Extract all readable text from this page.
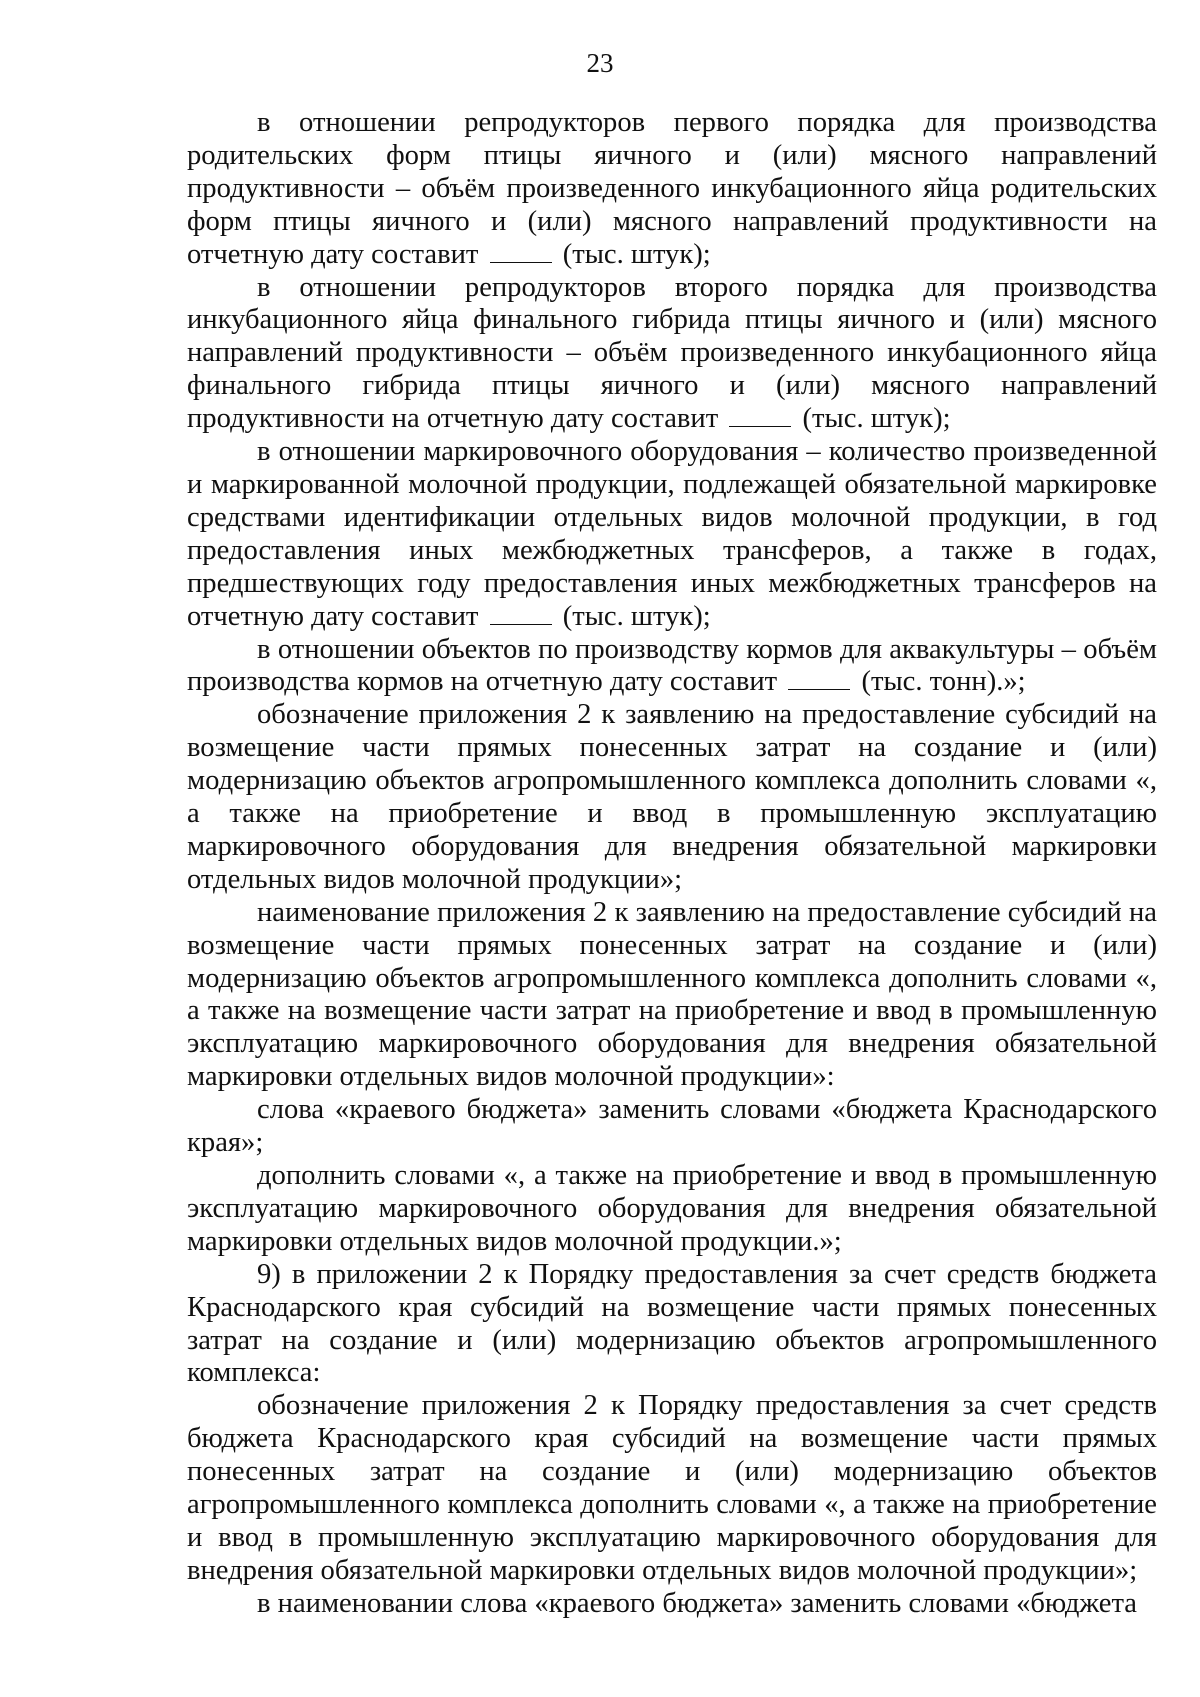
23

в отношении репродукторов первого порядка для производства родительских форм птицы яичного и (или) мясного направлений продуктивности – объём произведенного инкубационного яйца родительских форм птицы яичного и (или) мясного направлений продуктивности на отчетную дату составит	(тыс. штук);

в отношении репродукторов второго порядка для производства инкубационного яйца финального гибрида птицы яичного и (или) мясного направлений продуктивности – объём произведенного инкубационного яйца финального гибрида птицы яичного и (или) мясного направлений продуктивности на отчетную дату составит	(тыс. штук);

в отношении маркировочного оборудования – количество произведенной и маркированной молочной продукции, подлежащей обязательной маркировке средствами идентификации отдельных видов молочной продукции, в год предоставления иных межбюджетных трансферов, а также в годах, предшествующих году предоставления иных межбюджетных трансферов на отчетную дату составит	(тыс. штук);

в отношении объектов по производству кормов для аквакультуры – объём производства кормов на отчетную дату составит	(тыс. тонн).»;

обозначение приложения 2 к заявлению на предоставление субсидий на возмещение части прямых понесенных затрат на создание и (или) модернизацию объектов агропромышленного комплекса дополнить словами «, а также на приобретение и ввод в промышленную эксплуатацию маркировочного оборудования для внедрения обязательной маркировки отдельных видов молочной продукции»;

наименование приложения 2 к заявлению на предоставление субсидий на возмещение части прямых понесенных затрат на создание и (или) модернизацию объектов агропромышленного комплекса дополнить словами «, а также на возмещение части затрат на приобретение и ввод в промышленную эксплуатацию маркировочного оборудования для внедрения обязательной маркировки отдельных видов молочной продукции»:

слова «краевого бюджета» заменить словами «бюджета Краснодарского края»;

дополнить словами «, а также на приобретение и ввод в промышленную эксплуатацию маркировочного оборудования для внедрения обязательной маркировки отдельных видов молочной продукции.»;

9) в приложении 2 к Порядку предоставления за счет средств бюджета Краснодарского края субсидий на возмещение части прямых понесенных затрат на создание и (или) модернизацию объектов агропромышленного комплекса:

обозначение приложения 2 к Порядку предоставления за счет средств бюджета Краснодарского края субсидий на возмещение части прямых понесенных затрат на создание и (или) модернизацию объектов агропромышленного комплекса дополнить словами «, а также на приобретение и ввод в промышленную эксплуатацию маркировочного оборудования для внедрения обязательной маркировки отдельных видов молочной продукции»;

в наименовании слова «краевого бюджета» заменить словами «бюджета
